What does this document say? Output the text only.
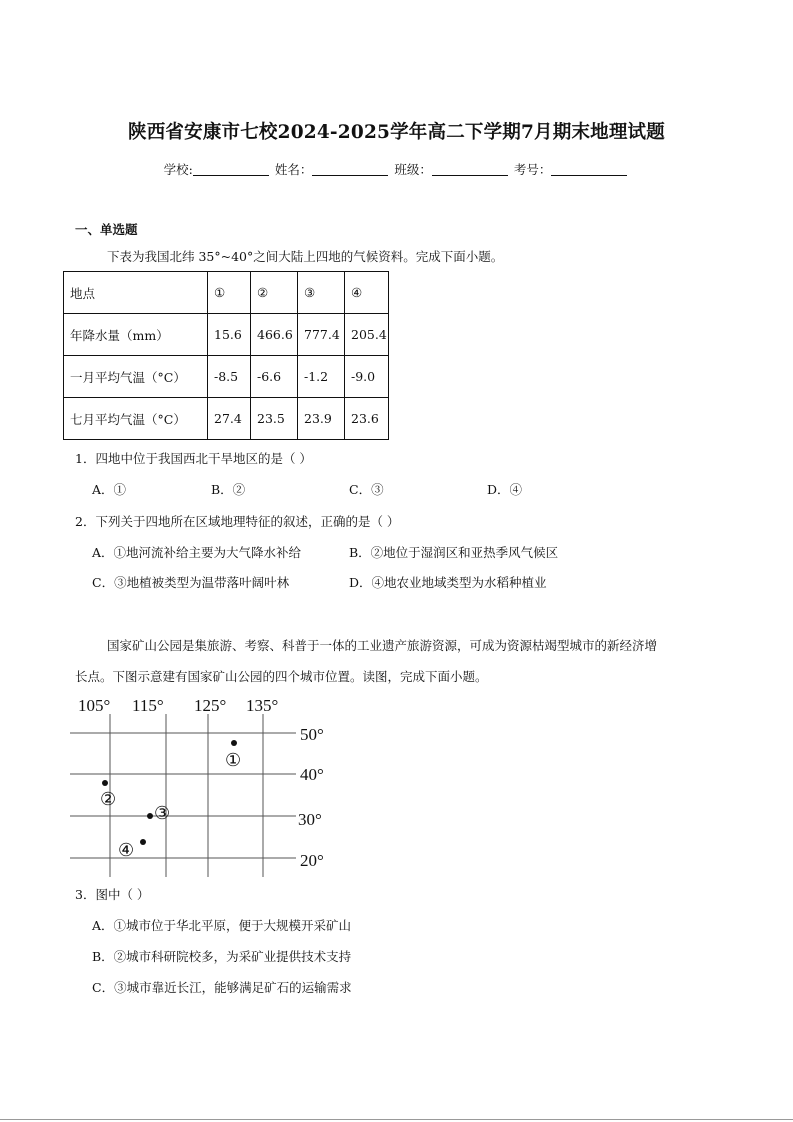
陕西省安康市七校2024-2025学年高二下学期7月期末地理试题
学校:	姓名：	班级：	考号：
一、单选题
下表为我国北纬 35°~40°之间大陆上四地的气候资料。完成下面小题。
地点	①	②	③	④
年降水量（mm）	15.6	466.6	777.4	205.4
一月平均气温（°C）	-8.5	-6.6	-1.2	-9.0
七月平均气温（°C）	27.4	23.5	23.9	23.6
1．四地中位于我国西北干旱地区的是（ ）
A．①	B．②	C．③	D．④
2．下列关于四地所在区域地理特征的叙述，正确的是（ ）
A．①地河流补给主要为大气降水补给	B．②地位于湿润区和亚热季风气候区
C．③地植被类型为温带落叶阔叶林	D．④地农业地域类型为水稻种植业
国家矿山公园是集旅游、考察、科普于一体的工业遗产旅游资源，可成为资源枯竭型城市的新经济增
长点。下图示意建有国家矿山公园的四个城市位置。读图，完成下面小题。
105° 115° 125° 135°
50°
40°
30°
20°
①
②
③
④
3．图中（ ）
A．①城市位于华北平原，便于大规模开采矿山
B．②城市科研院校多，为采矿业提供技术支持
C．③城市靠近长江，能够满足矿石的运输需求
